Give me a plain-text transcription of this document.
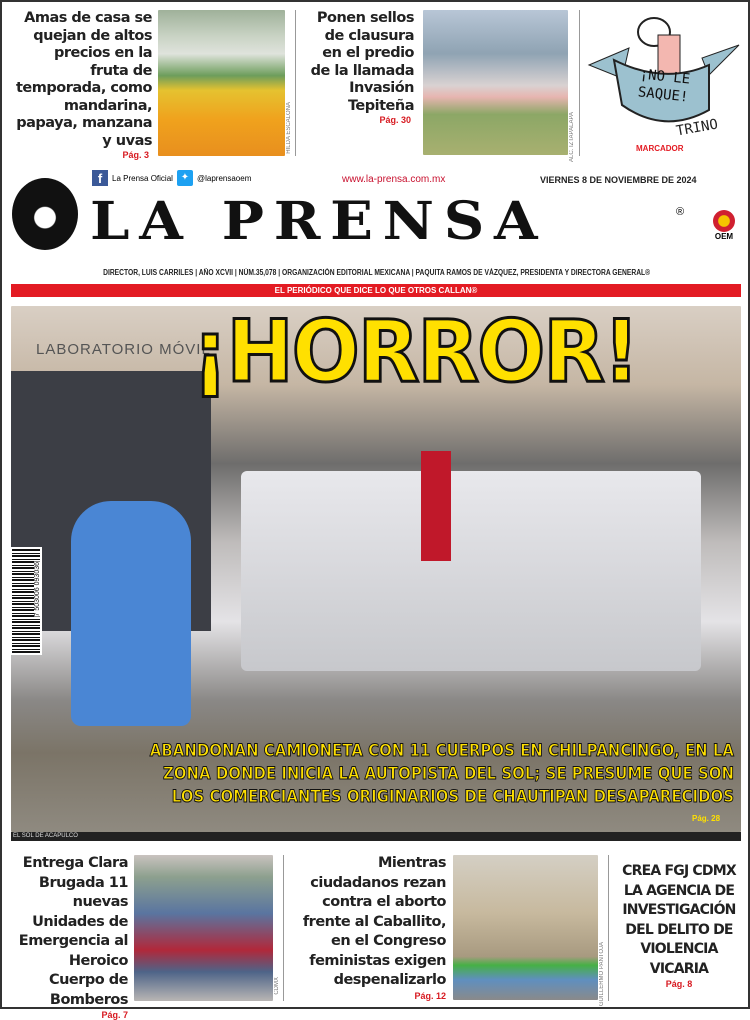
Amas de casa se quejan de altos precios en la fruta de temporada, como mandarina, papaya, manzana y uvas
Pág. 3
HILDA ESCALONA
Ponen sellos de clausura en el predio de la llamada Invasión Tepiteña
Pág. 30	ALC. IZTAPALAPA
¡NO LE SAQUE!
TRINO
MARCADOR
f	La Prensa Oficial ✦ @laprensaoem	www.la-prensa.com.mx	VIERNES 8 DE NOVIEMBRE DE 2024
LA PRENSA	®
OEM
DIRECTOR, LUIS CARRILES | AÑO XCVII | NÚM.35,078 | ORGANIZACIÓN EDITORIAL MEXICANA | PAQUITA RAMOS DE VÁZQUEZ, PRESIDENTA Y DIRECTORA GENERAL®
EL PERIÓDICO QUE DICE LO QUE OTROS CALLAN®
LABORATORIO MÓVIL
¡HORROR!
7 503006 093036
ABANDONAN CAMIONETA CON 11 CUERPOS EN CHILPANCINGO, EN LA ZONA DONDE INICIA LA AUTOPISTA DEL SOL; SE PRESUME QUE SON LOS COMERCIANTES ORIGINARIOS DE CHAUTIPAN DESAPARECIDOS
Pág. 28
EL SOL DE ACAPULCO
Entrega Clara Brugada 11 nuevas Unidades de Emergencia al Heroico Cuerpo de Bomberos
Pág. 7
CDMX
Mientras ciudadanos rezan contra el aborto frente al Caballito, en el Congreso feministas exigen despenalizarlo
Pág. 12	GUILLERMO PANTOJA
CREA FGJ CDMX LA AGENCIA DE INVESTIGACIÓN DEL DELITO DE VIOLENCIA VICARIA
Pág. 8
